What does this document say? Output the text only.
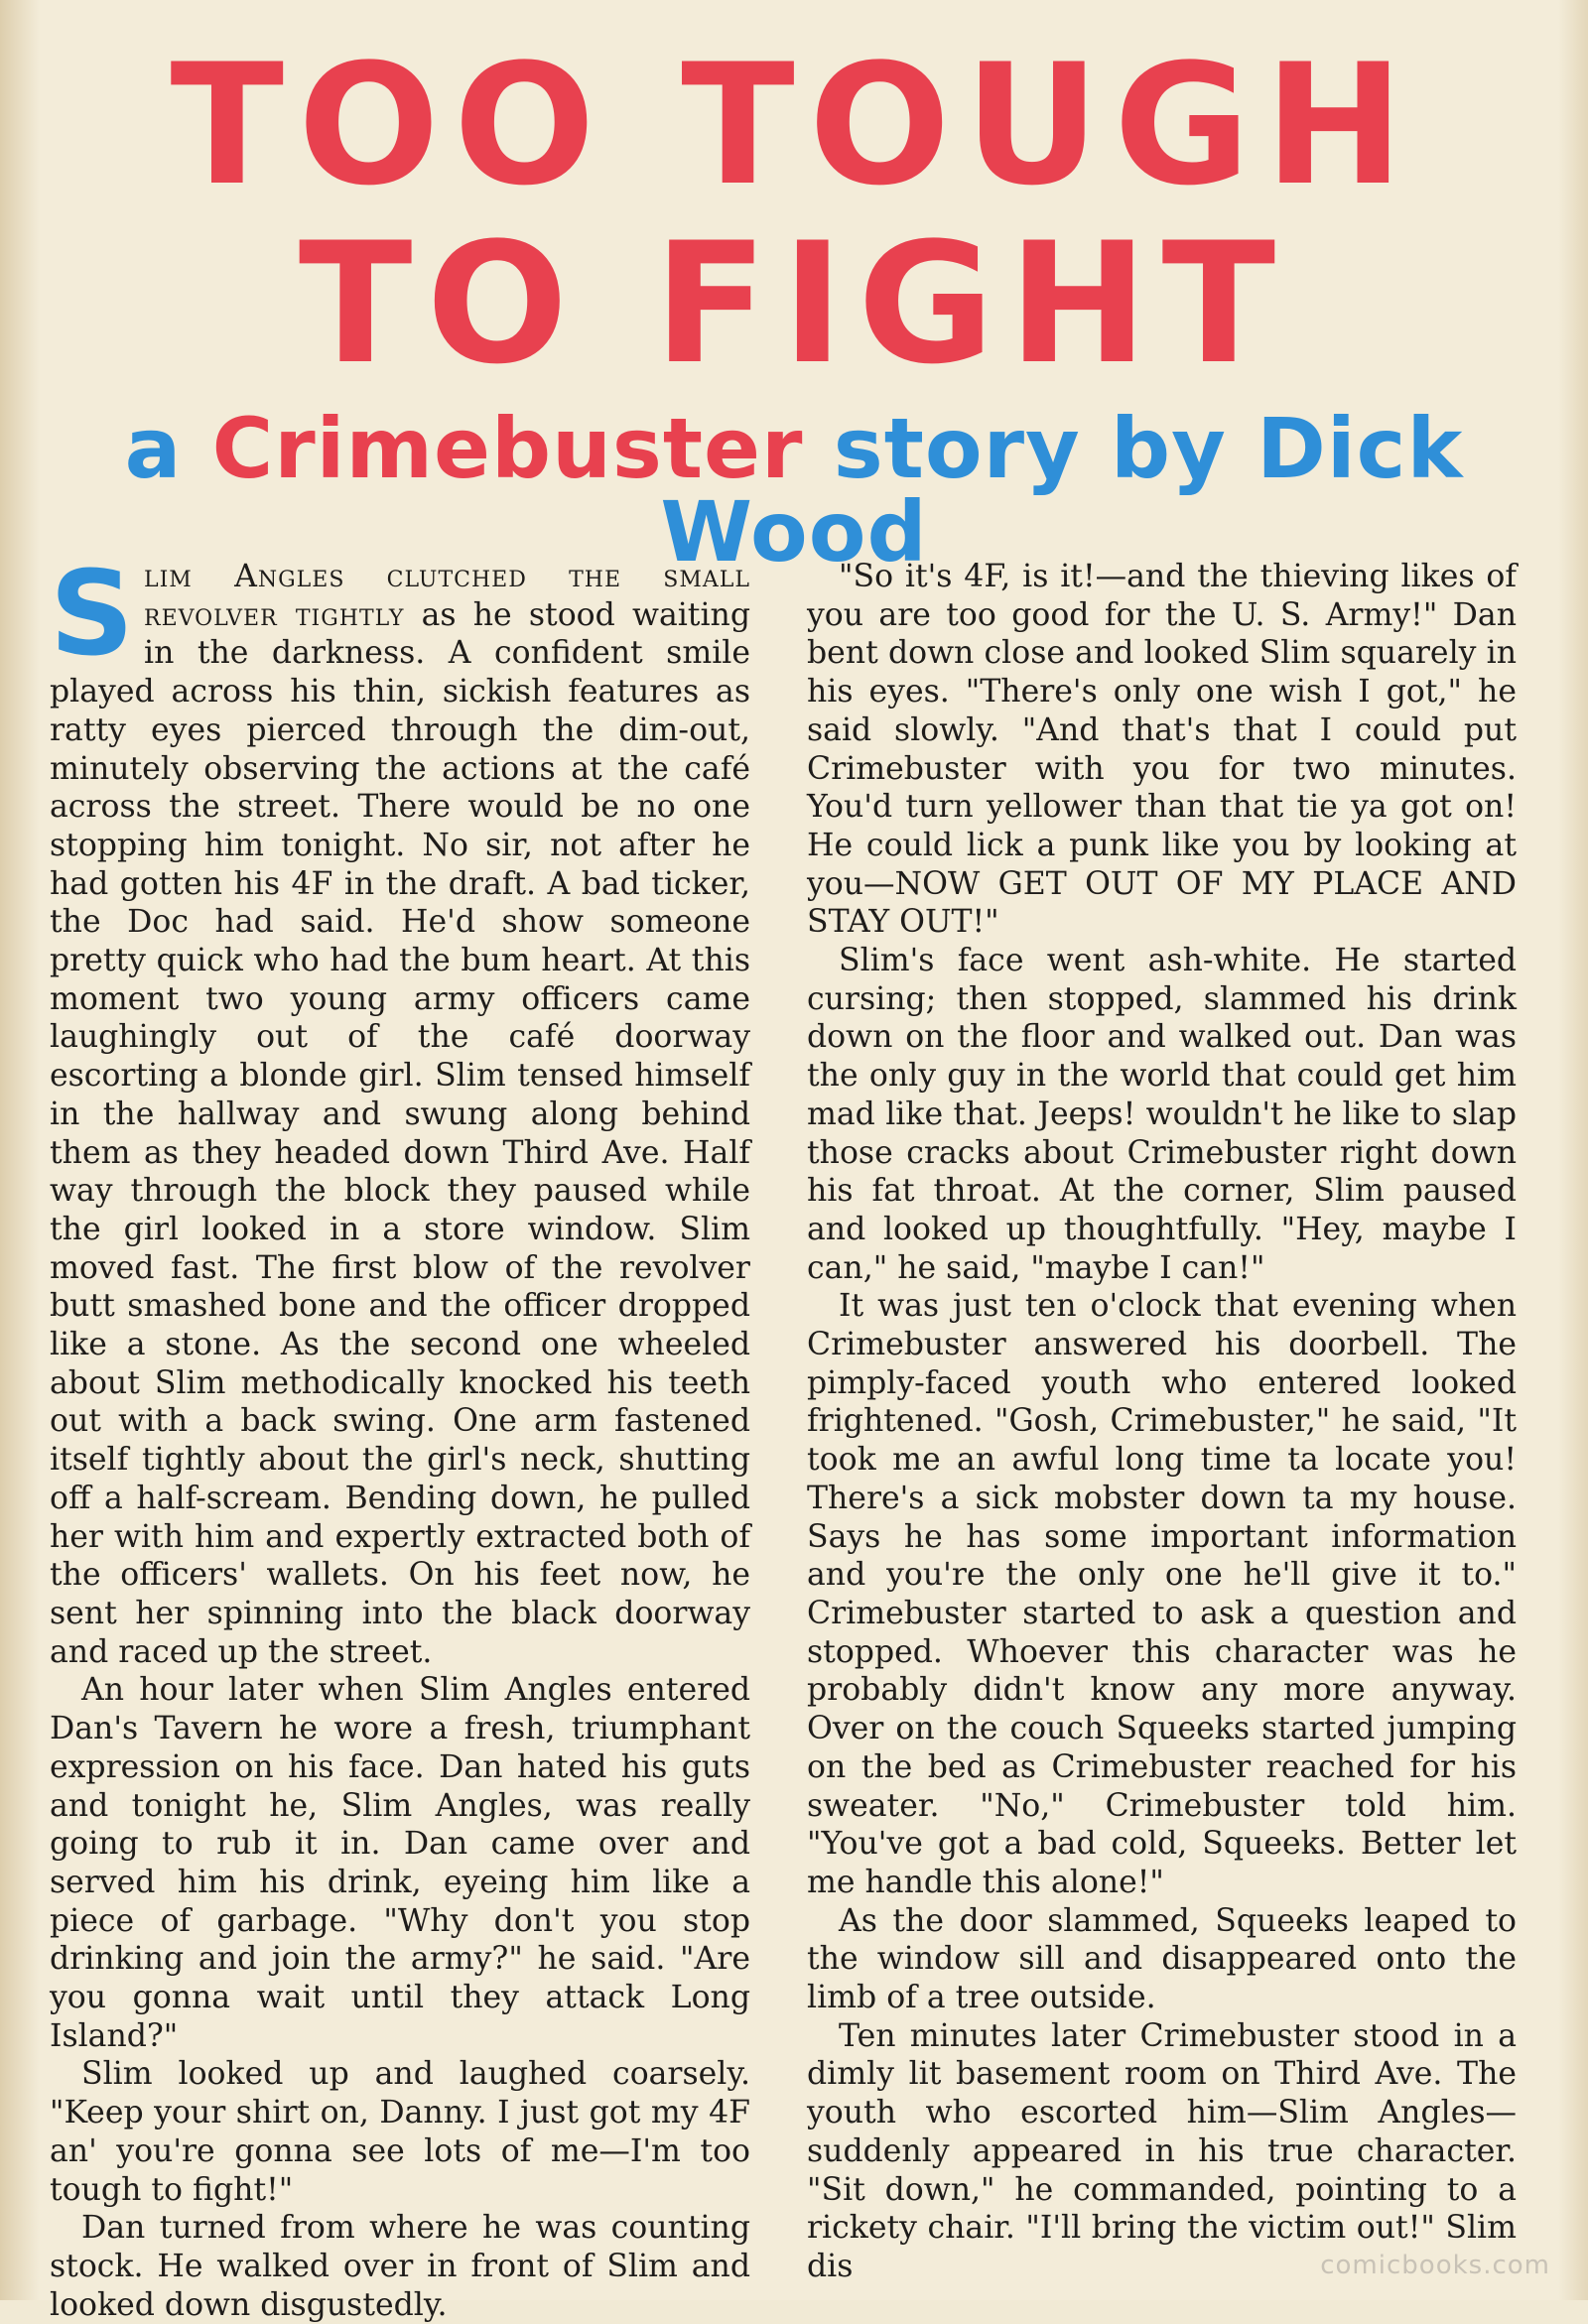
TOO TOUGH
TO FIGHT
a Crimebuster story by Dick Wood

Slim Angles clutched the small revolver tightly as he stood waiting in the darkness. A confident smile played across his thin, sickish features as ratty eyes pierced through the dim-out, minutely observing the actions at the café across the street. There would be no one stopping him tonight. No sir, not after he had gotten his 4F in the draft. A bad ticker, the Doc had said. He'd show someone pretty quick who had the bum heart. At this moment two young army officers came laughingly out of the café doorway escorting a blonde girl. Slim tensed himself in the hallway and swung along behind them as they headed down Third Ave. Half way through the block they paused while the girl looked in a store window. Slim moved fast. The first blow of the revolver butt smashed bone and the officer dropped like a stone. As the second one wheeled about Slim methodically knocked his teeth out with a back swing. One arm fastened itself tightly about the girl's neck, shutting off a half-scream. Bending down, he pulled her with him and expertly extracted both of the officers' wallets. On his feet now, he sent her spinning into the black doorway and raced up the street.

An hour later when Slim Angles entered Dan's Tavern he wore a fresh, triumphant expression on his face. Dan hated his guts and tonight he, Slim Angles, was really going to rub it in. Dan came over and served him his drink, eyeing him like a piece of garbage. "Why don't you stop drinking and join the army?" he said. "Are you gonna wait until they attack Long Island?"

Slim looked up and laughed coarsely. "Keep your shirt on, Danny. I just got my 4F an' you're gonna see lots of me—I'm too tough to fight!"

Dan turned from where he was counting stock. He walked over in front of Slim and looked down disgustedly.

"So it's 4F, is it!—and the thieving likes of you are too good for the U. S. Army!" Dan bent down close and looked Slim squarely in his eyes. "There's only one wish I got," he said slowly. "And that's that I could put Crimebuster with you for two minutes. You'd turn yellower than that tie ya got on! He could lick a punk like you by looking at you—NOW GET OUT OF MY PLACE AND STAY OUT!"

Slim's face went ash-white. He started cursing; then stopped, slammed his drink down on the floor and walked out. Dan was the only guy in the world that could get him mad like that. Jeeps! wouldn't he like to slap those cracks about Crimebuster right down his fat throat. At the corner, Slim paused and looked up thoughtfully. "Hey, maybe I can," he said, "maybe I can!"

It was just ten o'clock that evening when Crimebuster answered his doorbell. The pimply-faced youth who entered looked frightened. "Gosh, Crimebuster," he said, "It took me an awful long time ta locate you! There's a sick mobster down ta my house. Says he has some important information and you're the only one he'll give it to." Crimebuster started to ask a question and stopped. Whoever this character was he probably didn't know any more anyway. Over on the couch Squeeks started jumping on the bed as Crimebuster reached for his sweater. "No," Crimebuster told him. "You've got a bad cold, Squeeks. Better let me handle this alone!"

As the door slammed, Squeeks leaped to the window sill and disappeared onto the limb of a tree outside.

Ten minutes later Crimebuster stood in a dimly lit basement room on Third Ave. The youth who escorted him—Slim Angles—suddenly appeared in his true character. "Sit down," he commanded, pointing to a rickety chair. "I'll bring the victim out!" Slim dis	comicbooks.com
